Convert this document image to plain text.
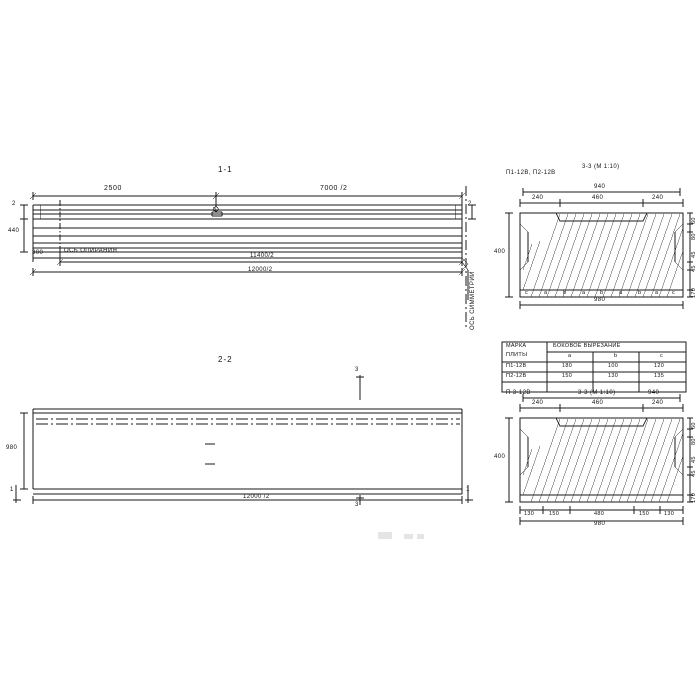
1-1
2500	7000 /2
2
440
2
300	ОСЬ ОПИРАНИЯ
11400/2
12000/2
Б
ОСЬ СИММЕТРИИ
2-2
980
12000 /2
3
3
1	1
П1-12В, П2-12В
3-3 (М 1:10)
940
240	460	240
400
980
170
45
45
80
60
c	a	b	a	b	a	b a c
МАРКА
ПЛИТЫ
БОКОВОЕ ВЫРЕЗАНИЕ
a	b	c
П1-12В	180	100	120
П2-12В	150	130	135
П 3-12В	3-3 (М 1:10)	940
240	460	240
400
170
45
45
80
60
130	150	480	150	130
980
